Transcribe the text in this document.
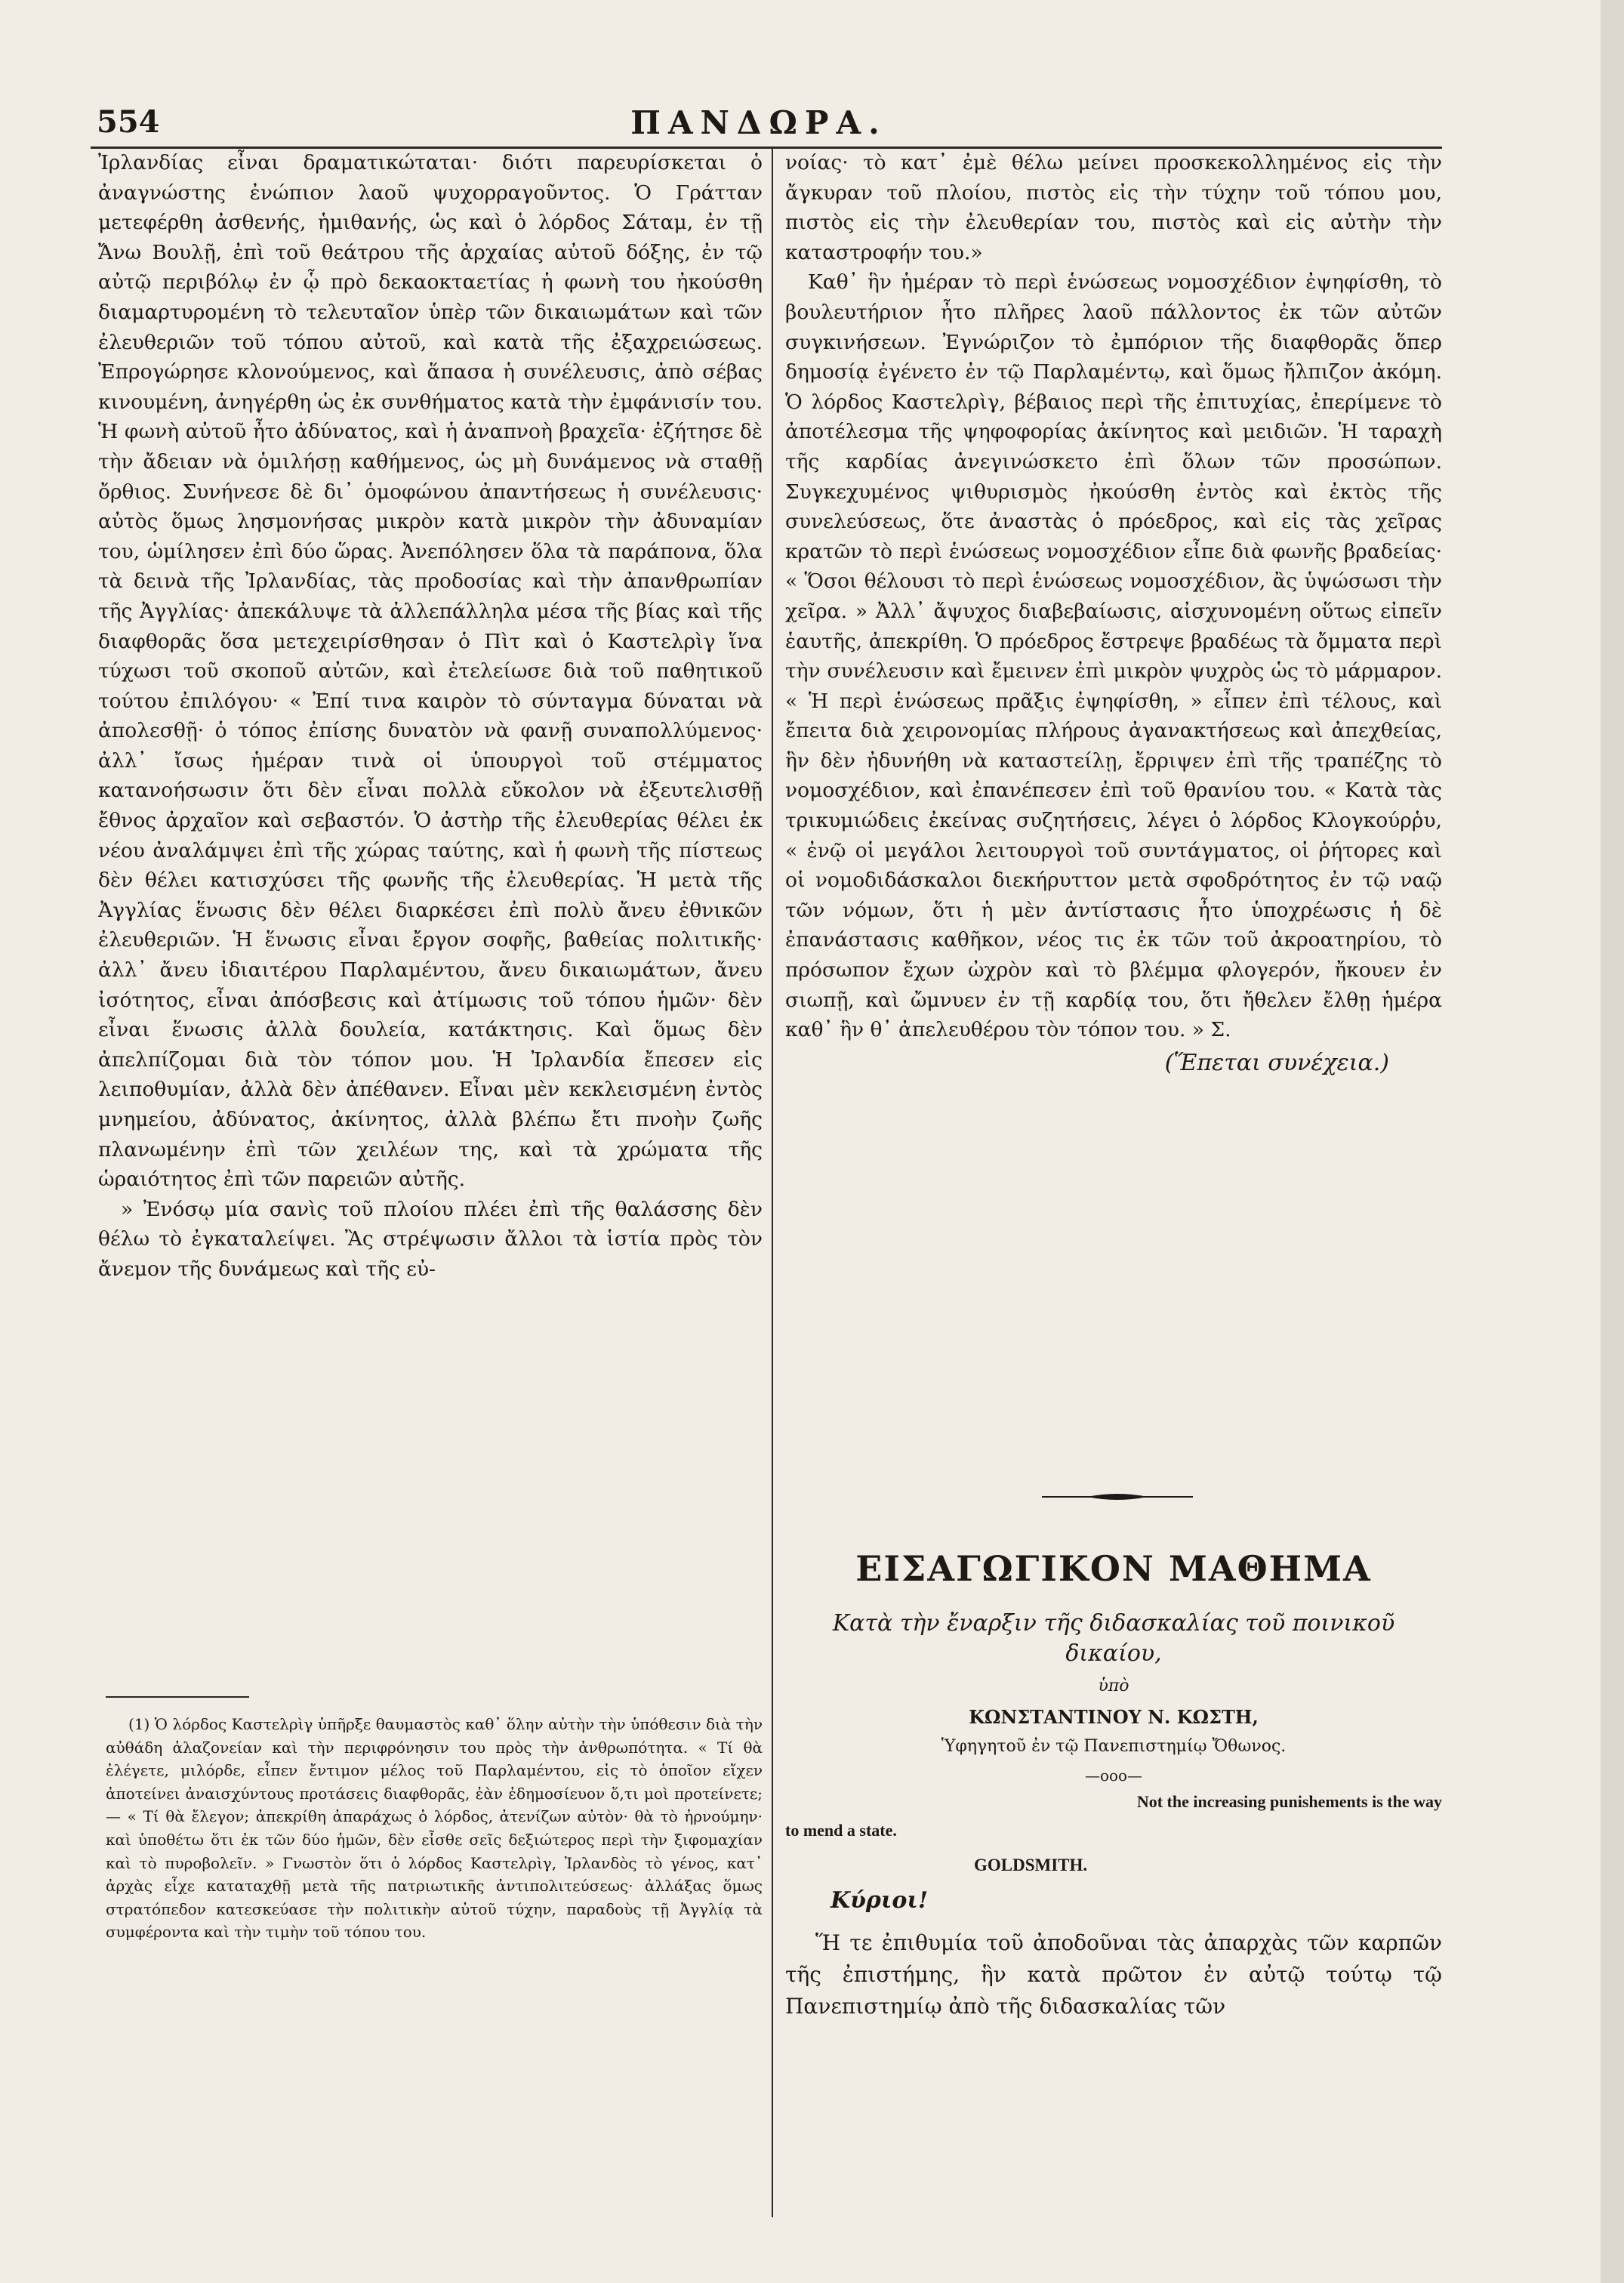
554	ΠΑΝΔΩΡΑ.

Ἰρλανδίας εἶναι δραματικώταται· διότι παρευρίσκεται ὁ ἀναγνώστης ἐνώπιον λαοῦ ψυχορραγοῦντος. Ὁ Γράτταν μετεφέρθη ἀσθενής, ἡμιθανής, ὡς καὶ ὁ λόρδος Σάταμ, ἐν τῇ Ἄνω Βουλῇ, ἐπὶ τοῦ θεάτρου τῆς ἀρχαίας αὐτοῦ δόξης, ἐν τῷ αὐτῷ περιβόλῳ ἐν ᾧ πρὸ δεκαοκταετίας ἡ φωνὴ του ἠκούσθη διαμαρτυρομένη τὸ τελευταῖον ὑπὲρ τῶν δικαιωμάτων καὶ τῶν ἐλευθεριῶν τοῦ τόπου αὐτοῦ, καὶ κατὰ τῆς ἐξαχρειώσεως. Ἐπρογώρησε κλονούμενος, καὶ ἅπασα ἡ συνέλευσις, ἀπὸ σέβας κινουμένη, ἀνηγέρθη ὡς ἐκ συνθήματος κατὰ τὴν ἐμφάνισίν του. Ἡ φωνὴ αὐτοῦ ἦτο ἀδύνατος, καὶ ἡ ἀναπνοὴ βραχεῖα· ἐζήτησε δὲ τὴν ἄδειαν νὰ ὁμιλήσῃ καθήμενος, ὡς μὴ δυνάμενος νὰ σταθῇ ὄρθιος. Συνήνεσε δὲ δι᾽ ὁμοφώνου ἀπαντήσεως ἡ συνέλευσις· αὐτὸς ὅμως λησμονήσας μικρὸν κατὰ μικρὸν τὴν ἀδυναμίαν του, ὡμίλησεν ἐπὶ δύο ὥρας. Ἀνεπόλησεν ὅλα τὰ παράπονα, ὅλα τὰ δεινὰ τῆς Ἰρλανδίας, τὰς προδοσίας καὶ τὴν ἀπανθρωπίαν τῆς Ἀγγλίας· ἀπεκάλυψε τὰ ἀλλεπάλληλα μέσα τῆς βίας καὶ τῆς διαφθορᾶς ὅσα μετεχειρίσθησαν ὁ Πὶτ καὶ ὁ Καστελρὶγ ἵνα τύχωσι τοῦ σκοποῦ αὐτῶν, καὶ ἐτελείωσε διὰ τοῦ παθητικοῦ τούτου ἐπιλόγου· « Ἐπί τινα καιρὸν τὸ σύνταγμα δύναται νὰ ἀπολεσθῇ· ὁ τόπος ἐπίσης δυνατὸν νὰ φανῇ συναπολλύμενος· ἀλλ᾽ ἴσως ἡμέραν τινὰ οἱ ὑπουργοὶ τοῦ στέμματος κατανοήσωσιν ὅτι δὲν εἶναι πολλὰ εὔκολον νὰ ἐξευτελισθῇ ἔθνος ἀρχαῖον καὶ σεβαστόν. Ὁ ἀστὴρ τῆς ἐλευθερίας θέλει ἐκ νέου ἀναλάμψει ἐπὶ τῆς χώρας ταύτης, καὶ ἡ φωνὴ τῆς πίστεως δὲν θέλει κατισχύσει τῆς φωνῆς τῆς ἐλευθερίας. Ἡ μετὰ τῆς Ἀγγλίας ἕνωσις δὲν θέλει διαρκέσει ἐπὶ πολὺ ἄνευ ἐθνικῶν ἐλευθεριῶν. Ἡ ἕνωσις εἶναι ἔργον σοφῆς, βαθείας πολιτικῆς· ἀλλ᾽ ἄνευ ἰδιαιτέρου Παρλαμέντου, ἄνευ δικαιωμάτων, ἄνευ ἰσότητος, εἶναι ἀπόσβεσις καὶ ἀτίμωσις τοῦ τόπου ἡμῶν· δὲν εἶναι ἕνωσις ἀλλὰ δουλεία, κατάκτησις. Καὶ ὅμως δὲν ἀπελπίζομαι διὰ τὸν τόπον μου. Ἡ Ἰρλανδία ἔπεσεν εἰς λειποθυμίαν, ἀλλὰ δὲν ἀπέθανεν. Εἶναι μὲν κεκλεισμένη ἐντὸς μνημείου, ἀδύνατος, ἀκίνητος, ἀλλὰ βλέπω ἔτι πνοὴν ζωῆς πλανωμένην ἐπὶ τῶν χειλέων της, καὶ τὰ χρώματα τῆς ὡραιότητος ἐπὶ τῶν παρειῶν αὐτῆς.

» Ἐνόσῳ μία σανὶς τοῦ πλοίου πλέει ἐπὶ τῆς θαλάσσης δὲν θέλω τὸ ἐγκαταλείψει. Ἂς στρέψωσιν ἄλλοι τὰ ἱστία πρὸς τὸν ἄνεμον τῆς δυνάμεως καὶ τῆς εὐ-

(1) Ὁ λόρδος Καστελρὶγ ὑπῆρξε θαυμαστὸς καθ᾽ ὅλην αὐτὴν τὴν ὑπόθεσιν διὰ τὴν αὐθάδη ἀλαζονείαν καὶ τὴν περιφρόνησιν του πρὸς τὴν ἀνθρωπότητα. « Τί θὰ ἐλέγετε, μιλόρδε, εἶπεν ἔντιμον μέλος τοῦ Παρλαμέντου, εἰς τὸ ὁποῖον εἴχεν ἀποτείνει ἀναισχύντους προτάσεις διαφθορᾶς, ἐὰν ἐδημοσίευον ὅ,τι μοὶ προτείνετε; — « Τί θὰ ἔλεγον; ἀπεκρίθη ἀπαράχως ὁ λόρδος, ἀτενίζων αὐτὸν· θὰ τὸ ἠρνούμην· καὶ ὑποθέτω ὅτι ἐκ τῶν δύο ἡμῶν, δὲν εἶσθε σεῖς δεξιώτερος περὶ τὴν ξιφομαχίαν καὶ τὸ πυροβολεῖν. » Γνωστὸν ὅτι ὁ λόρδος Καστελρὶγ, Ἰρλανδὸς τὸ γένος, κατ᾽ ἀρχὰς εἶχε καταταχθῇ μετὰ τῆς πατριωτικῆς ἀντιπολιτεύσεως· ἀλλάξας ὅμως στρατόπεδον κατεσκεύασε τὴν πολιτικὴν αὐτοῦ τύχην, παραδοὺς τῇ Ἀγγλίᾳ τὰ συμφέροντα καὶ τὴν τιμὴν τοῦ τόπου του.

νοίας· τὸ κατ᾽ ἐμὲ θέλω μείνει προσκεκολλημένος εἰς τὴν ἄγκυραν τοῦ πλοίου, πιστὸς εἰς τὴν τύχην τοῦ τόπου μου, πιστὸς εἰς τὴν ἐλευθερίαν του, πιστὸς καὶ εἰς αὐτὴν τὴν καταστροφήν του.»

Καθ᾽ ἣν ἡμέραν τὸ περὶ ἑνώσεως νομοσχέδιον ἐψηφίσθη, τὸ βουλευτήριον ἦτο πλῆρες λαοῦ πάλλοντος ἐκ τῶν αὐτῶν συγκινήσεων. Ἐγνώριζον τὸ ἐμπόριον τῆς διαφθορᾶς ὅπερ δημοσίᾳ ἐγένετο ἐν τῷ Παρλαμέντῳ, καὶ ὅμως ἤλπιζον ἀκόμη. Ὁ λόρδος Καστελρὶγ, βέβαιος περὶ τῆς ἐπιτυχίας, ἐπερίμενε τὸ ἀποτέλεσμα τῆς ψηφοφορίας ἀκίνητος καὶ μειδιῶν. Ἡ ταραχὴ τῆς καρδίας ἀνεγινώσκετο ἐπὶ ὅλων τῶν προσώπων. Συγκεχυμένος ψιθυρισμὸς ἠκούσθη ἐντὸς καὶ ἐκτὸς τῆς συνελεύσεως, ὅτε ἀναστὰς ὁ πρόεδρος, καὶ εἰς τὰς χεῖρας κρατῶν τὸ περὶ ἑνώσεως νομοσχέδιον εἶπε διὰ φωνῆς βραδείας· « Ὅσοι θέλουσι τὸ περὶ ἑνώσεως νομοσχέδιον, ἂς ὑψώσωσι τὴν χεῖρα. » Ἀλλ᾽ ἄψυχος διαβεβαίωσις, αἰσχυνομένη οὕτως εἰπεῖν ἑαυτῆς, ἀπεκρίθη. Ὁ πρόεδρος ἔστρεψε βραδέως τὰ ὄμματα περὶ τὴν συνέλευσιν καὶ ἔμεινεν ἐπὶ μικρὸν ψυχρὸς ὡς τὸ μάρμαρον. « Ἡ περὶ ἑνώσεως πρᾶξις ἐψηφίσθη, » εἶπεν ἐπὶ τέλους, καὶ ἔπειτα διὰ χειρονομίας πλήρους ἀγανακτήσεως καὶ ἀπεχθείας, ἣν δὲν ἠδυνήθη νὰ καταστείλῃ, ἔρριψεν ἐπὶ τῆς τραπέζης τὸ νομοσχέδιον, καὶ ἐπανέπεσεν ἐπὶ τοῦ θρανίου του. « Κατὰ τὰς τρικυμιώδεις ἐκείνας συζητήσεις, λέγει ὁ λόρδος Κλογκούρῥυ, « ἐνῷ οἱ μεγάλοι λειτουργοὶ τοῦ συντάγματος, οἱ ῥήτορες καὶ οἱ νομοδιδάσκαλοι διεκήρυττον μετὰ σφοδρότητος ἐν τῷ ναῷ τῶν νόμων, ὅτι ἡ μὲν ἀντίστασις ἦτο ὑποχρέωσις ἡ δὲ ἐπανάστασις καθῆκον, νέος τις ἐκ τῶν τοῦ ἀκροατηρίου, τὸ πρόσωπον ἔχων ὠχρὸν καὶ τὸ βλέμμα φλογερόν, ἤκουεν ἐν σιωπῇ, καὶ ὤμνυεν ἐν τῇ καρδίᾳ του, ὅτι ἤθελεν ἔλθῃ ἡμέρα καθ᾽ ἣν θ᾽ ἀπελευθέρου τὸν τόπον του. » Σ.

(Ἕπεται συνέχεια.)
ΕΙΣΑΓΩΓΙΚΟΝ ΜΑΘΗΜΑ
Κατὰ τὴν ἔναρξιν τῆς διδασκαλίας τοῦ ποινικοῦ δικαίου,
ὑπὸ
ΚΩΝΣΤΑΝΤΙΝΟΥ Ν. ΚΩΣΤΗ,
Ὑφηγητοῦ ἐν τῷ Πανεπιστημίῳ Ὄθωνος.
—ooo—
Not the increasing punishements is the way
to mend a state.
GOLDSMITH.
Κύριοι!
Ἥ τε ἐπιθυμία τοῦ ἀποδοῦναι τὰς ἀπαρχὰς τῶν καρπῶν τῆς ἐπιστήμης, ἣν κατὰ πρῶτον ἐν αὐτῷ τούτῳ τῷ Πανεπιστημίῳ ἀπὸ τῆς διδασκαλίας τῶν
